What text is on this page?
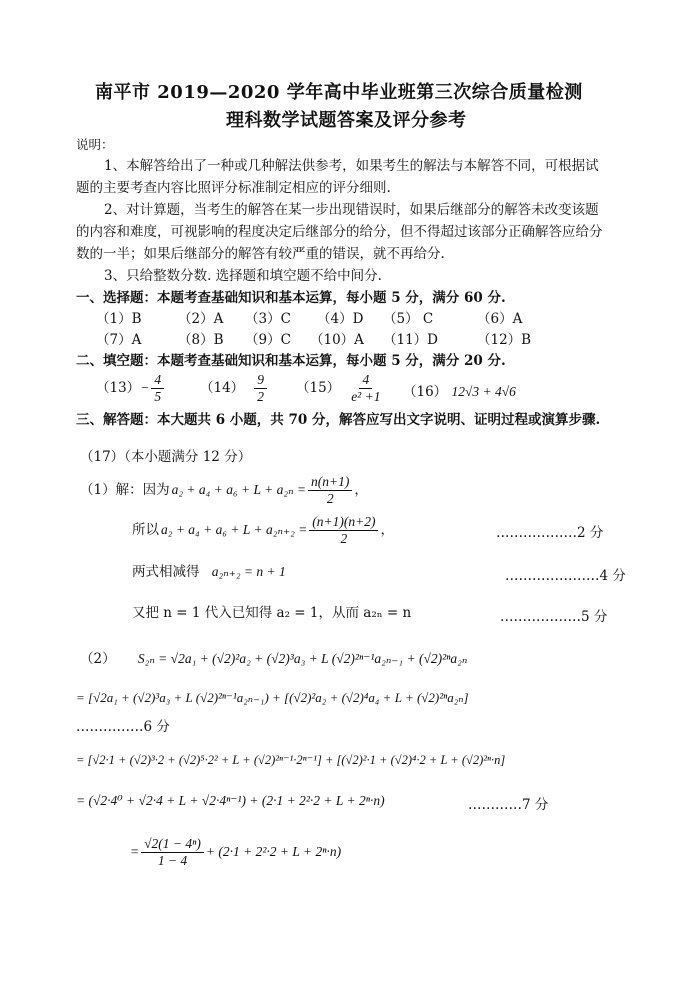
南平市 2019—2020 学年高中毕业班第三次综合质量检测
理科数学试题答案及评分参考
说明：
1、本解答给出了一种或几种解法供参考，如果考生的解法与本解答不同，可根据试
题的主要考查内容比照评分标准制定相应的评分细则.
2、对计算题，当考生的解答在某一步出现错误时，如果后继部分的解答未改变该题
的内容和难度，可视影响的程度决定后继部分的给分，但不得超过该部分正确解答应给分
数的一半；如果后继部分的解答有较严重的错误，就不再给分.
3、只给整数分数. 选择题和填空题不给中间分.
一、选择题：本题考查基础知识和基本运算，每小题 5 分，满分 60 分.
（1）B	（2）A （3）C （4）D （5） C	（6）A
（7）A	（8）B （9）C （10）A （11）D	（12）B
二、填空题：本题考查基础知识和基本运算，每小题 5 分，满分 20 分.
$(13) - \frac{4}{5}$	$(14) \frac{9}{2} (15) \frac{4}{\text{e² +1}} (16) 12√3 + 4√6$
三、解答题：本大题共 6 小题，共 70 分，解答应写出文字说明、证明过程或演算步骤.
（17）（本小题满分 12 分）
（1）解：因为 $a_2 + a_4 + a_6 + L + a_{2n} = \frac{n(n+1)}{2}$ ，
所以 $a_2 + a_4 + a_6 + L + a_{2n+2} = \frac{(n+1)(n+2)}{2}$ ，	………………2 分
两式相减得 a₂ₙ₊₂ = n + 1	…………………4 分
又把 n = 1 代入已知得 a₂ = 1，从而 a₂ₙ = n	………………5 分
（2） S₂ₙ = √2a₁ + (√2)²a₂ + (√2)³a₃ + L (√2)²ⁿ⁻¹a₂ₙ₋₁ + (√2)²ⁿa₂ₙ
= [√2a₁ + (√2)³a₃ + L (√2)²ⁿ⁻¹a₂ₙ₋₁) + [(√2)²a₂ + (√2)⁴a₄ + L + (√2)²ⁿa₂ₙ]
……………6 分
= [√2·1 + (√2)³·2 + (√2)⁵·2² + L + (√2)²ⁿ⁻¹·2ⁿ⁻¹] + [(√2)²·1 + (√2)⁴·2 + L + (√2)²ⁿ·n]
= (√2·4⁰ + √2·4 + L + √2·4ⁿ⁻¹) + (2·1 + 2²·2 + L + 2ⁿ·n)	…………7 分
= $\frac{\text{√2(1 − 4ⁿ)}}{1 - 4} + (2\cdot 1 + 2^2\cdot 2 + L + 2^n\cdot n)$
